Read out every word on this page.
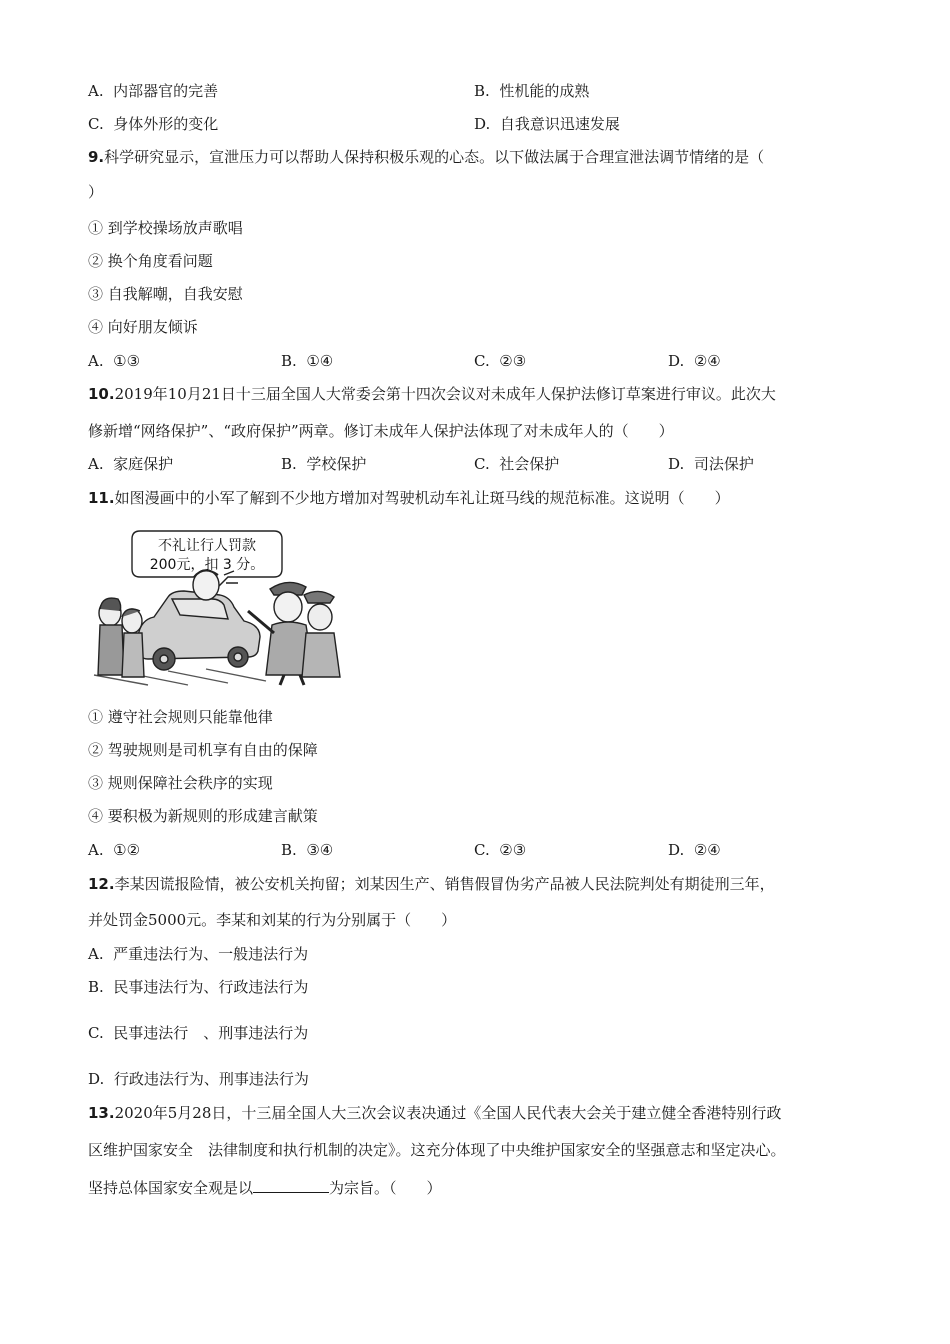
A. 内部器官的完善	B. 性机能的成熟
C. 身体外形的变化	D. 自我意识迅速发展
9.科学研究显示，宣泄压力可以帮助人保持积极乐观的心态。以下做法属于合理宣泄法调节情绪的是（
）
① 到学校操场放声歌唱
② 换个角度看问题
③ 自我解嘲，自我安慰
④ 向好朋友倾诉
A. ①③	B. ①④	C. ②③	D. ②④
10.2019年10月21日十三届全国人大常委会第十四次会议对未成年人保护法修订草案进行审议。此次大
修新增“网络保护”、“政府保护”两章。修订未成年人保护法体现了对未成年人的（　　）
A. 家庭保护	B. 学校保护	C. 社会保护	D. 司法保护
11.如图漫画中的小军了解到不少地方增加对驾驶机动车礼让斑马线的规范标准。这说明（　　）
不礼让行人罚款
200元，扣 3 分。
① 遵守社会规则只能靠他律
② 驾驶规则是司机享有自由的保障
③ 规则保障社会秩序的实现
④ 要积极为新规则的形成建言献策
A. ①②	B. ③④	C. ②③	D. ②④
12.李某因谎报险情，被公安机关拘留；刘某因生产、销售假冒伪劣产品被人民法院判处有期徒刑三年，
并处罚金5000元。李某和刘某的行为分别属于（　　）
A. 严重违法行为、一般违法行为
B. 民事违法行为、行政违法行为
C. 民事违法行　、刑事违法行为
D. 行政违法行为、刑事违法行为
13.2020年5月28日，十三届全国人大三次会议表决通过《全国人民代表大会关于建立健全香港特别行政
区维护国家安全　法律制度和执行机制的决定》。这充分体现了中央维护国家安全的坚强意志和坚定决心。
坚持总体国家安全观是以	为宗旨。（　　）
